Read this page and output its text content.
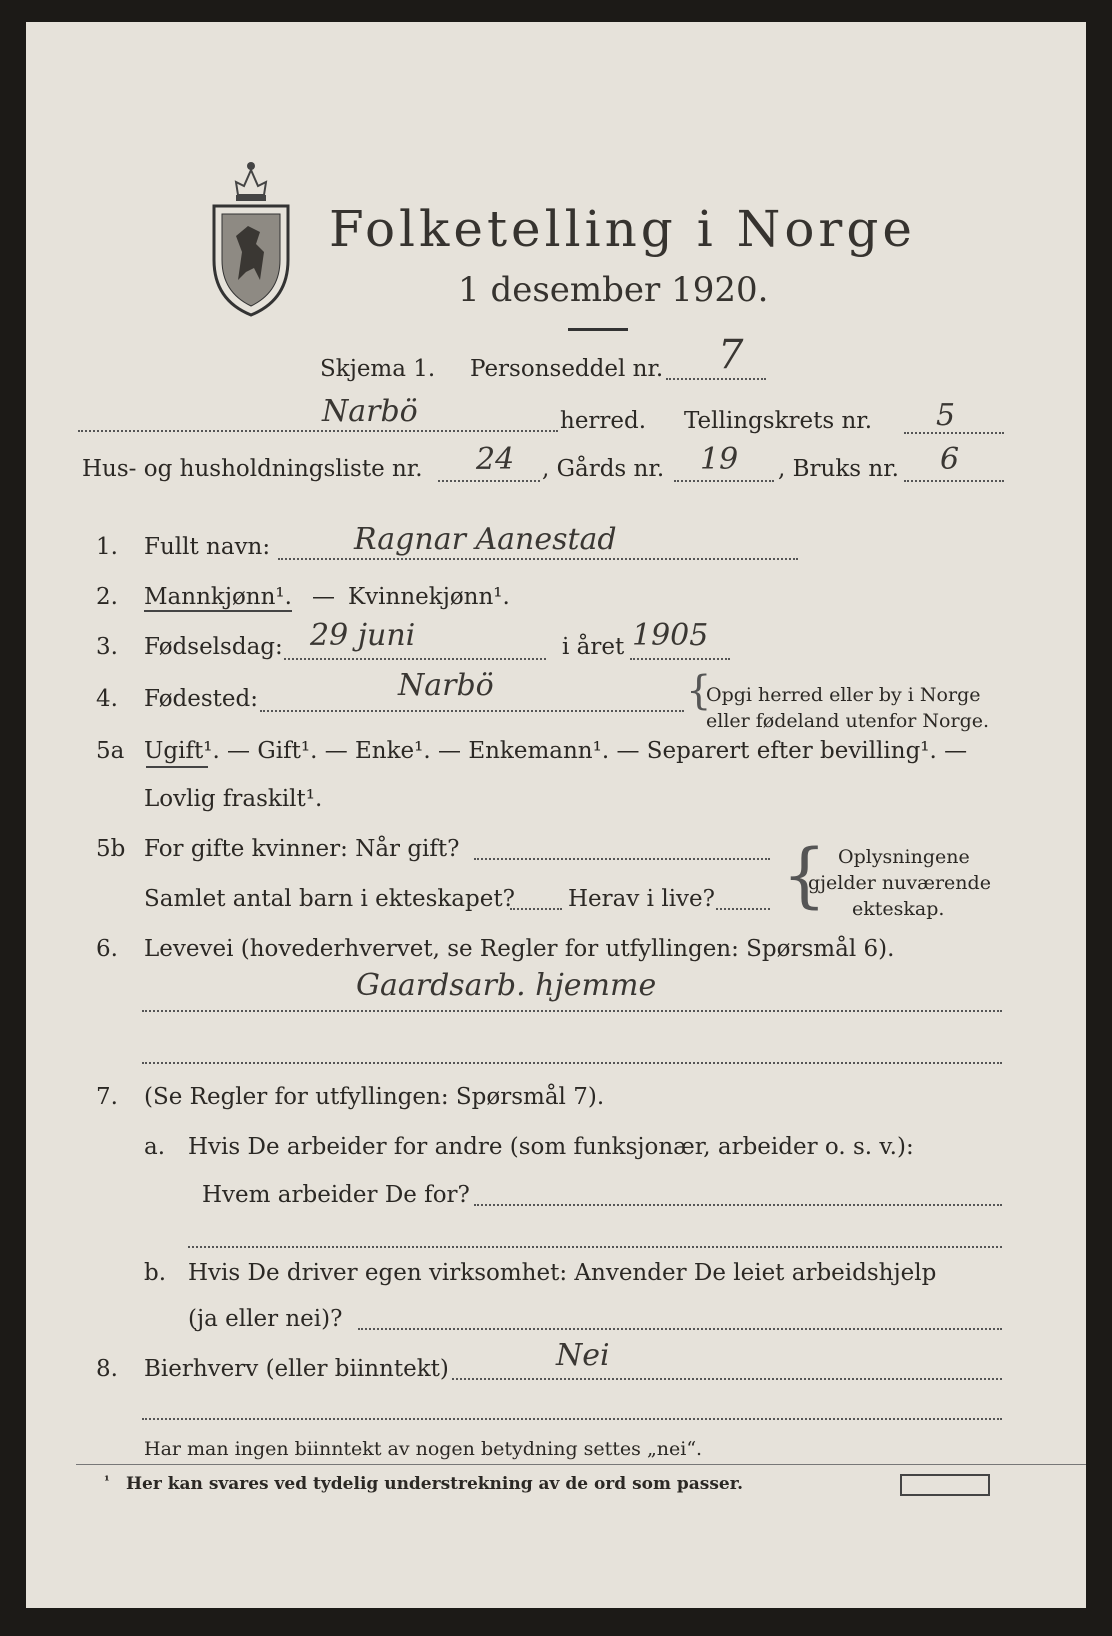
Folketelling i Norge
1 desember 1920.
Skjema 1. Personseddel nr. 7
Narbö	herred. Tellingskrets nr. 5
Hus- og husholdningsliste nr. 24 , Gårds nr. 19 , Bruks nr. 6
1. Fullt navn:	Ragnar Aanestad
2. Mannkjønn¹. — Kvinnekjønn¹.
3. Fødselsdag: 29 juni	i året 1905
4. Fødested:	Narbö	{
Opgi herred eller by i Norge
eller fødeland utenfor Norge.
5a Ugift¹. — Gift¹. — Enke¹. — Enkemann¹. — Separert efter bevilling¹. —
Lovlig fraskilt¹.
5b For gifte kvinner: Når gift?
Samlet antal barn i ekteskapet? Herav i live? { Oplysningene
gjelder nuværende
ekteskap.
6. Levevei (hovederhvervet, se Regler for utfyllingen: Spørsmål 6).
Gaardsarb. hjemme
7. (Se Regler for utfyllingen: Spørsmål 7).
a. Hvis De arbeider for andre (som funksjonær, arbeider o. s. v.):
Hvem arbeider De for?
b. Hvis De driver egen virksomhet: Anvender De leiet arbeidshjelp
(ja eller nei)?
8. Bierhverv (eller biinntekt)	Nei
Har man ingen biinntekt av nogen betydning settes „nei“.
¹ Her kan svares ved tydelig understrekning av de ord som passer.
